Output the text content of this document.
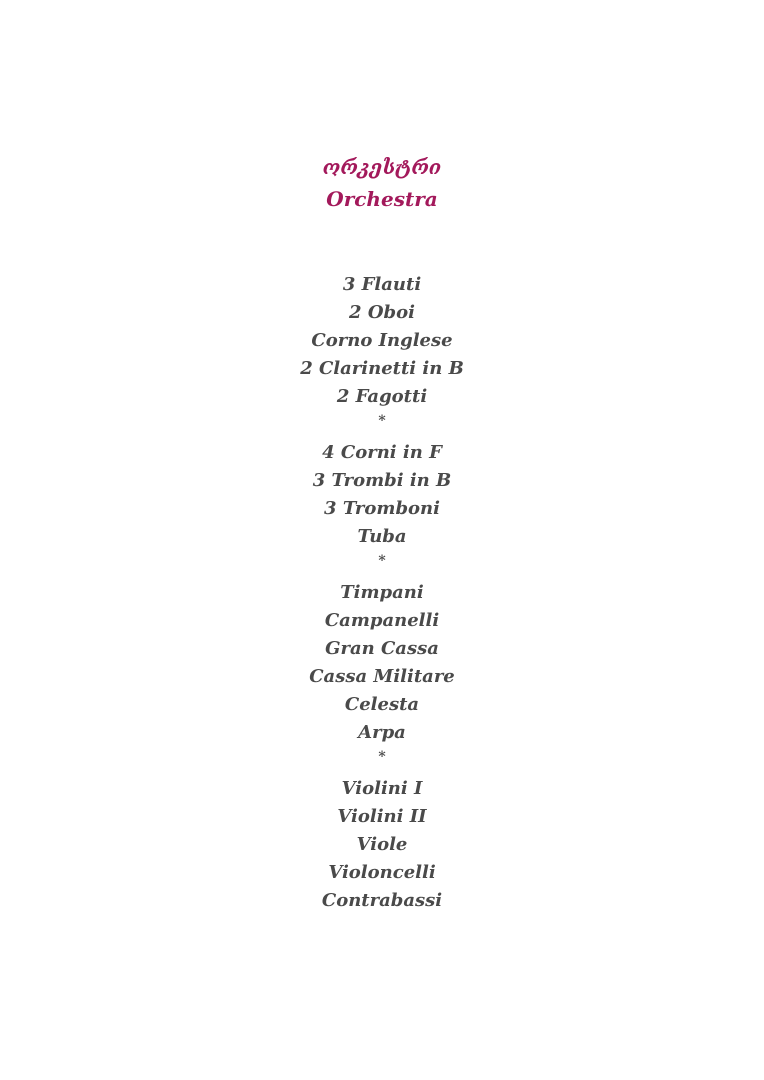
ორკესტრი
Orchestra
3 Flauti
2 Oboi
Corno Inglese
2 Clarinetti in B
2 Fagotti
*
4 Corni in F
3 Trombi in B
3 Tromboni
Tuba
*
Timpani
Campanelli
Gran Cassa
Cassa Militare
Celesta
Arpa
*
Violini I
Violini II
Viole
Violoncelli
Contrabassi
